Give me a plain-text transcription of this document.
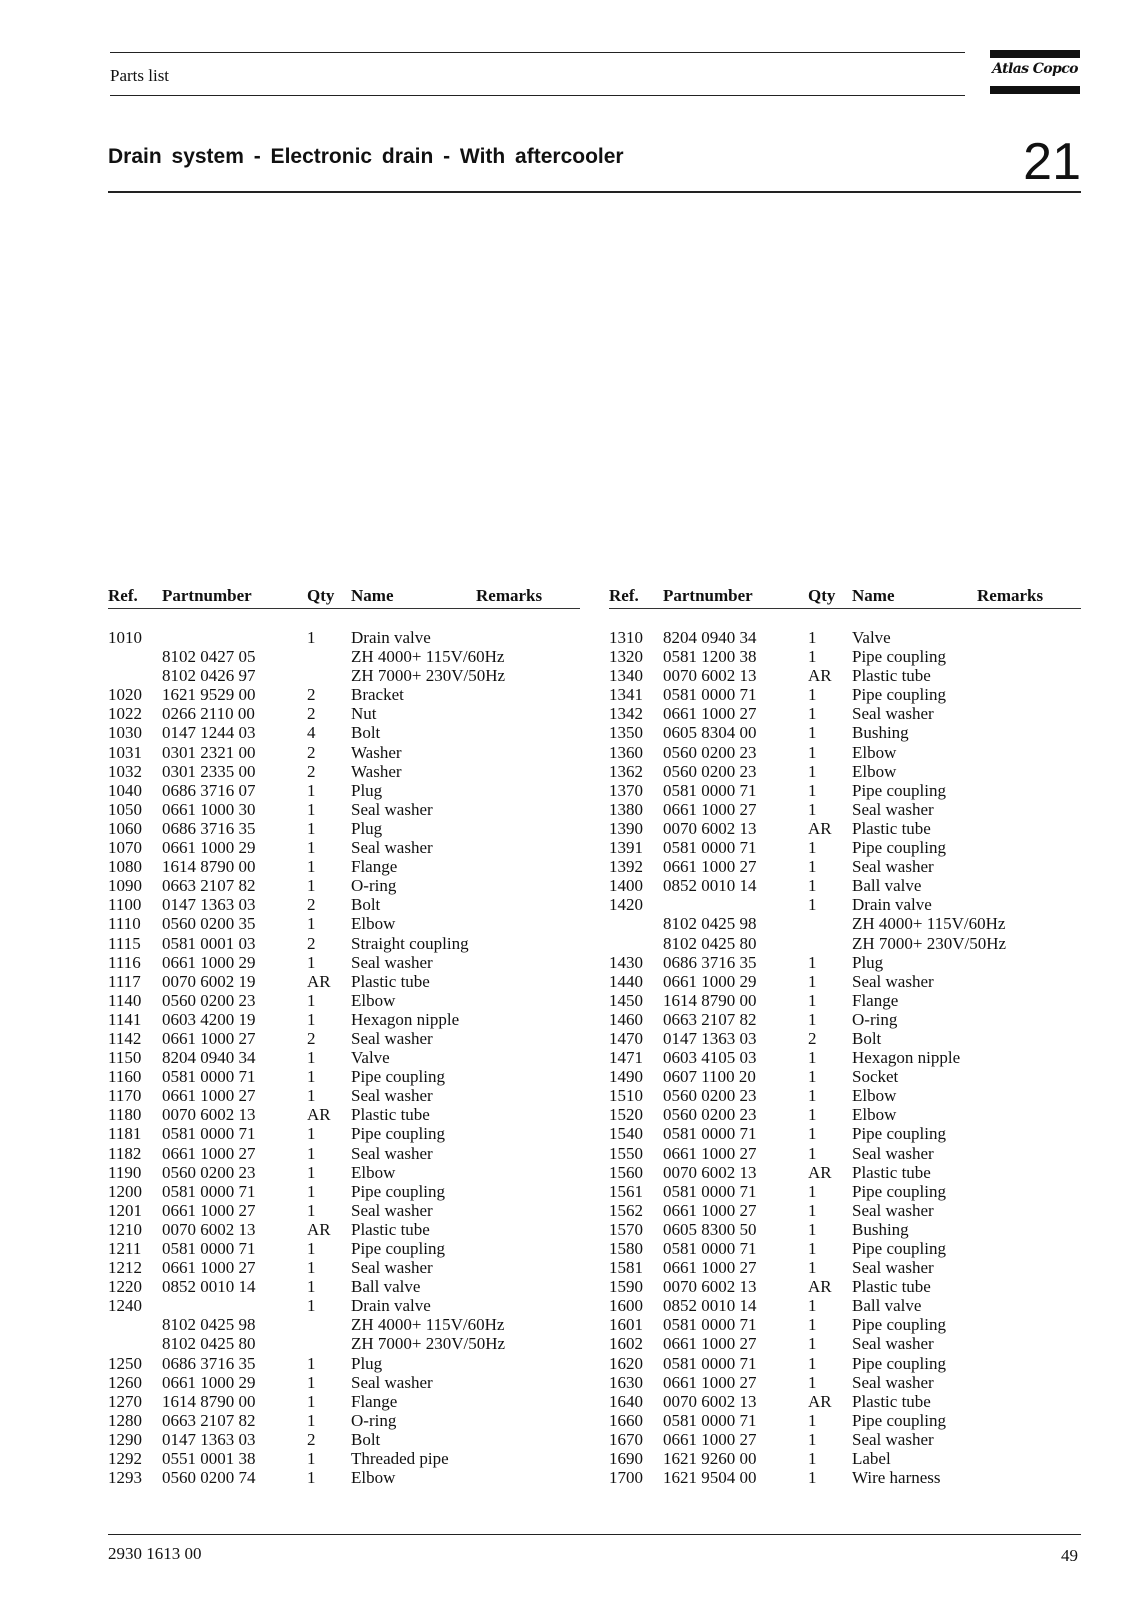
Parts list	Atlas Copco
Drain system - Electronic drain - With aftercooler	21
Ref. Partnumber	Qty Name	Remarks
1010	1 Drain valve
8102 0427 05	ZH 4000+ 115V/60Hz
8102 0426 97	ZH 7000+ 230V/50Hz
1020 1621 9529 00	2 Bracket
1022 0266 2110 00	2 Nut
1030 0147 1244 03	4 Bolt
1031 0301 2321 00	2 Washer
1032 0301 2335 00	2 Washer
1040 0686 3716 07	1 Plug
1050 0661 1000 30	1 Seal washer
1060 0686 3716 35	1 Plug
1070 0661 1000 29	1 Seal washer
1080 1614 8790 00	1 Flange
1090 0663 2107 82	1 O-ring
1100 0147 1363 03	2 Bolt
1110 0560 0200 35	1 Elbow
1115 0581 0001 03	2 Straight coupling
1116 0661 1000 29	1 Seal washer
1117 0070 6002 19	AR Plastic tube
1140 0560 0200 23	1 Elbow
1141 0603 4200 19	1 Hexagon nipple
1142 0661 1000 27	2 Seal washer
1150 8204 0940 34	1 Valve
1160 0581 0000 71	1 Pipe coupling
1170 0661 1000 27	1 Seal washer
1180 0070 6002 13	AR Plastic tube
1181 0581 0000 71	1 Pipe coupling
1182 0661 1000 27	1 Seal washer
1190 0560 0200 23	1 Elbow
1200 0581 0000 71	1 Pipe coupling
1201 0661 1000 27	1 Seal washer
1210 0070 6002 13	AR Plastic tube
1211 0581 0000 71	1 Pipe coupling
1212 0661 1000 27	1 Seal washer
1220 0852 0010 14	1 Ball valve
1240	1 Drain valve
8102 0425 98	ZH 4000+ 115V/60Hz
8102 0425 80	ZH 7000+ 230V/50Hz
1250 0686 3716 35	1 Plug
1260 0661 1000 29	1 Seal washer
1270 1614 8790 00	1 Flange
1280 0663 2107 82	1 O-ring
1290 0147 1363 03	2 Bolt
1292 0551 0001 38	1 Threaded pipe
1293 0560 0200 74	1 Elbow
Ref. Partnumber	Qty Name	Remarks
1310 8204 0940 34	1 Valve
1320 0581 1200 38	1 Pipe coupling
1340 0070 6002 13	AR Plastic tube
1341 0581 0000 71	1 Pipe coupling
1342 0661 1000 27	1 Seal washer
1350 0605 8304 00	1 Bushing
1360 0560 0200 23	1 Elbow
1362 0560 0200 23	1 Elbow
1370 0581 0000 71	1 Pipe coupling
1380 0661 1000 27	1 Seal washer
1390 0070 6002 13	AR Plastic tube
1391 0581 0000 71	1 Pipe coupling
1392 0661 1000 27	1 Seal washer
1400 0852 0010 14	1 Ball valve
1420	1 Drain valve
8102 0425 98	ZH 4000+ 115V/60Hz
8102 0425 80	ZH 7000+ 230V/50Hz
1430 0686 3716 35	1 Plug
1440 0661 1000 29	1 Seal washer
1450 1614 8790 00	1 Flange
1460 0663 2107 82	1 O-ring
1470 0147 1363 03	2 Bolt
1471 0603 4105 03	1 Hexagon nipple
1490 0607 1100 20	1 Socket
1510 0560 0200 23	1 Elbow
1520 0560 0200 23	1 Elbow
1540 0581 0000 71	1 Pipe coupling
1550 0661 1000 27	1 Seal washer
1560 0070 6002 13	AR Plastic tube
1561 0581 0000 71	1 Pipe coupling
1562 0661 1000 27	1 Seal washer
1570 0605 8300 50	1 Bushing
1580 0581 0000 71	1 Pipe coupling
1581 0661 1000 27	1 Seal washer
1590 0070 6002 13	AR Plastic tube
1600 0852 0010 14	1 Ball valve
1601 0581 0000 71	1 Pipe coupling
1602 0661 1000 27	1 Seal washer
1620 0581 0000 71	1 Pipe coupling
1630 0661 1000 27	1 Seal washer
1640 0070 6002 13	AR Plastic tube
1660 0581 0000 71	1 Pipe coupling
1670 0661 1000 27	1 Seal washer
1690 1621 9260 00	1 Label
1700 1621 9504 00	1 Wire harness
2930 1613 00	49
